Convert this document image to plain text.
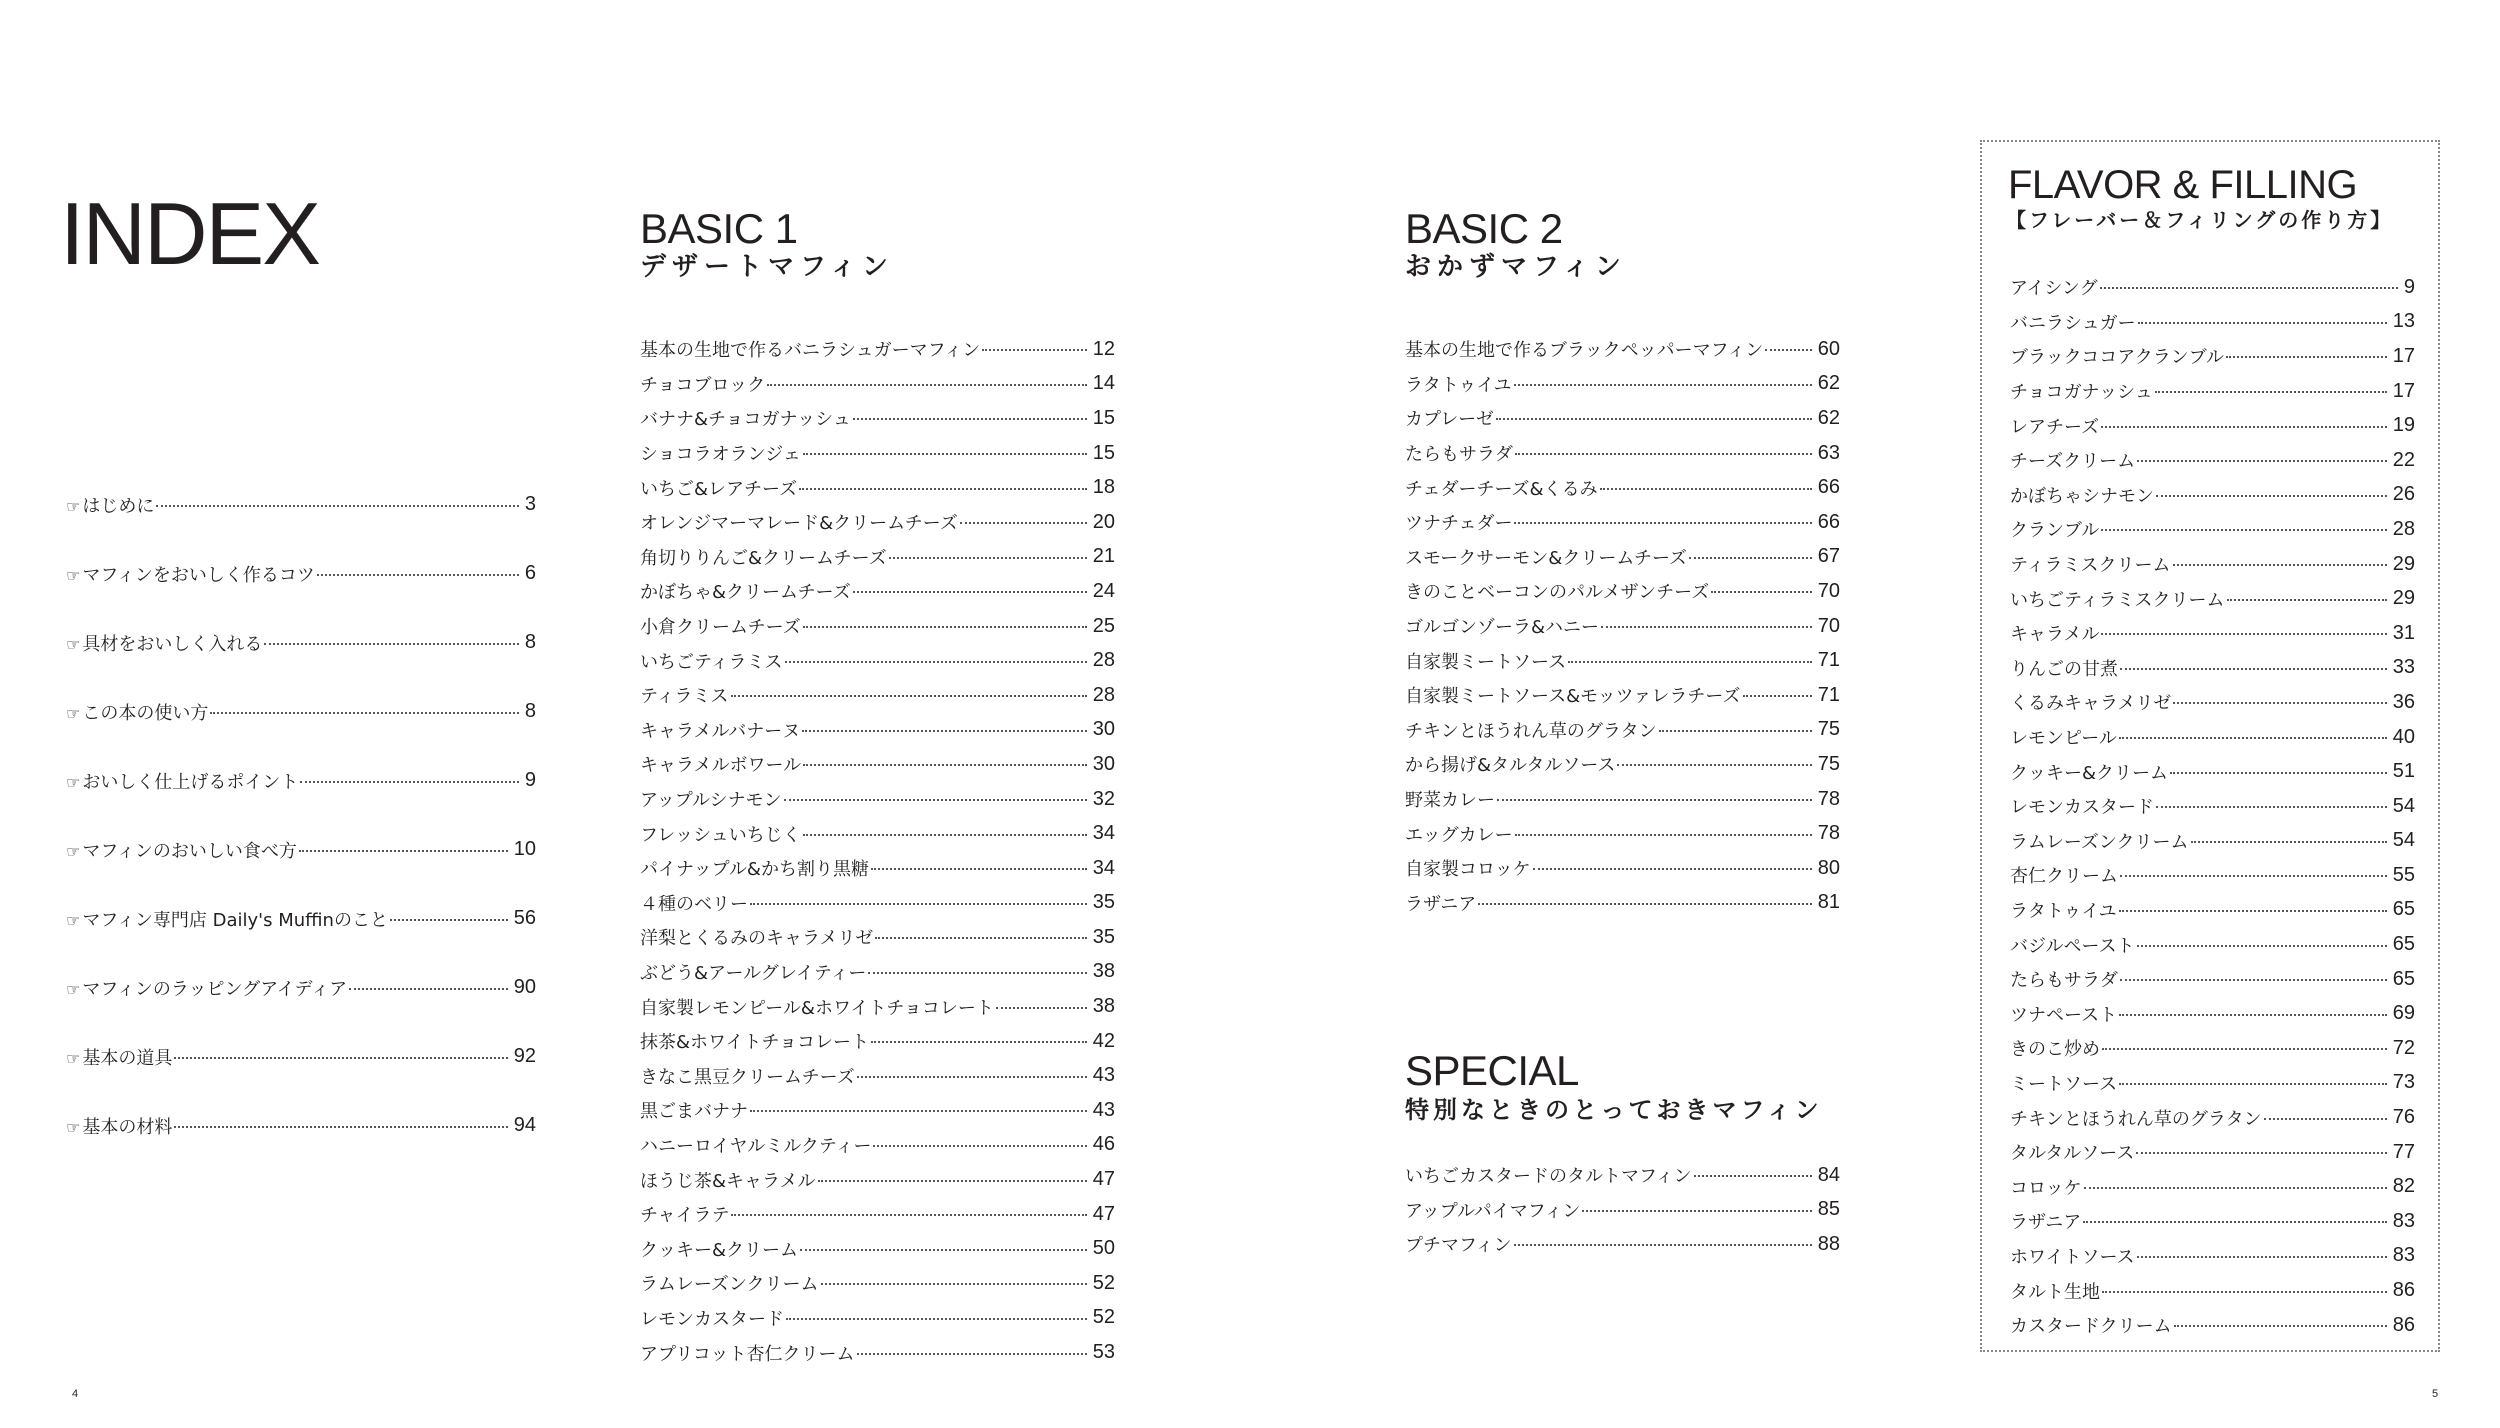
INDEX
☞ はじめに	3
☞ マフィンをおいしく作るコツ	6
☞ 具材をおいしく入れる	8
☞ この本の使い方	8
☞ おいしく仕上げるポイント	9
☞ マフィンのおいしい食べ方	10
☞ マフィン専門店 Daily's Muffinのこと	56
☞ マフィンのラッピングアイディア	90
☞ 基本の道具	92
☞ 基本の材料	94
BASIC 1
デザートマフィン
基本の生地で作るバニラシュガーマフィン	12
チョコブロック	14
バナナ&チョコガナッシュ	15
ショコラオランジェ	15
いちご&レアチーズ	18
オレンジマーマレード&クリームチーズ	20
角切りりんご&クリームチーズ	21
かぼちゃ&クリームチーズ	24
小倉クリームチーズ	25
いちごティラミス	28
ティラミス	28
キャラメルバナーヌ	30
キャラメルボワール	30
アップルシナモン	32
フレッシュいちじく	34
パイナップル&かち割り黒糖	34
４種のベリー	35
洋梨とくるみのキャラメリゼ	35
ぶどう&アールグレイティー	38
自家製レモンピール&ホワイトチョコレート	38
抹茶&ホワイトチョコレート	42
きなこ黒豆クリームチーズ	43
黒ごまバナナ	43
ハニーロイヤルミルクティー	46
ほうじ茶&キャラメル	47
チャイラテ	47
クッキー&クリーム	50
ラムレーズンクリーム	52
レモンカスタード	52
アプリコット杏仁クリーム	53
BASIC 2
おかずマフィン
基本の生地で作るブラックペッパーマフィン	60
ラタトゥイユ	62
カプレーゼ	62
たらもサラダ	63
チェダーチーズ&くるみ	66
ツナチェダー	66
スモークサーモン&クリームチーズ	67
きのことベーコンのパルメザンチーズ	70
ゴルゴンゾーラ&ハニー	70
自家製ミートソース	71
自家製ミートソース&モッツァレラチーズ	71
チキンとほうれん草のグラタン	75
から揚げ&タルタルソース	75
野菜カレー	78
エッグカレー	78
自家製コロッケ	80
ラザニア	81
SPECIAL
特別なときのとっておきマフィン
いちごカスタードのタルトマフィン	84
アップルパイマフィン	85
プチマフィン	88
FLAVOR & FILLING
【フレーバー＆フィリングの作り方】
アイシング	9
バニラシュガー	13
ブラックココアクランブル	17
チョコガナッシュ	17
レアチーズ	19
チーズクリーム	22
かぼちゃシナモン	26
クランブル	28
ティラミスクリーム	29
いちごティラミスクリーム	29
キャラメル	31
りんごの甘煮	33
くるみキャラメリゼ	36
レモンピール	40
クッキー&クリーム	51
レモンカスタード	54
ラムレーズンクリーム	54
杏仁クリーム	55
ラタトゥイユ	65
バジルペースト	65
たらもサラダ	65
ツナペースト	69
きのこ炒め	72
ミートソース	73
チキンとほうれん草のグラタン	76
タルタルソース	77
コロッケ	82
ラザニア	83
ホワイトソース	83
タルト生地	86
カスタードクリーム	86
4	5
